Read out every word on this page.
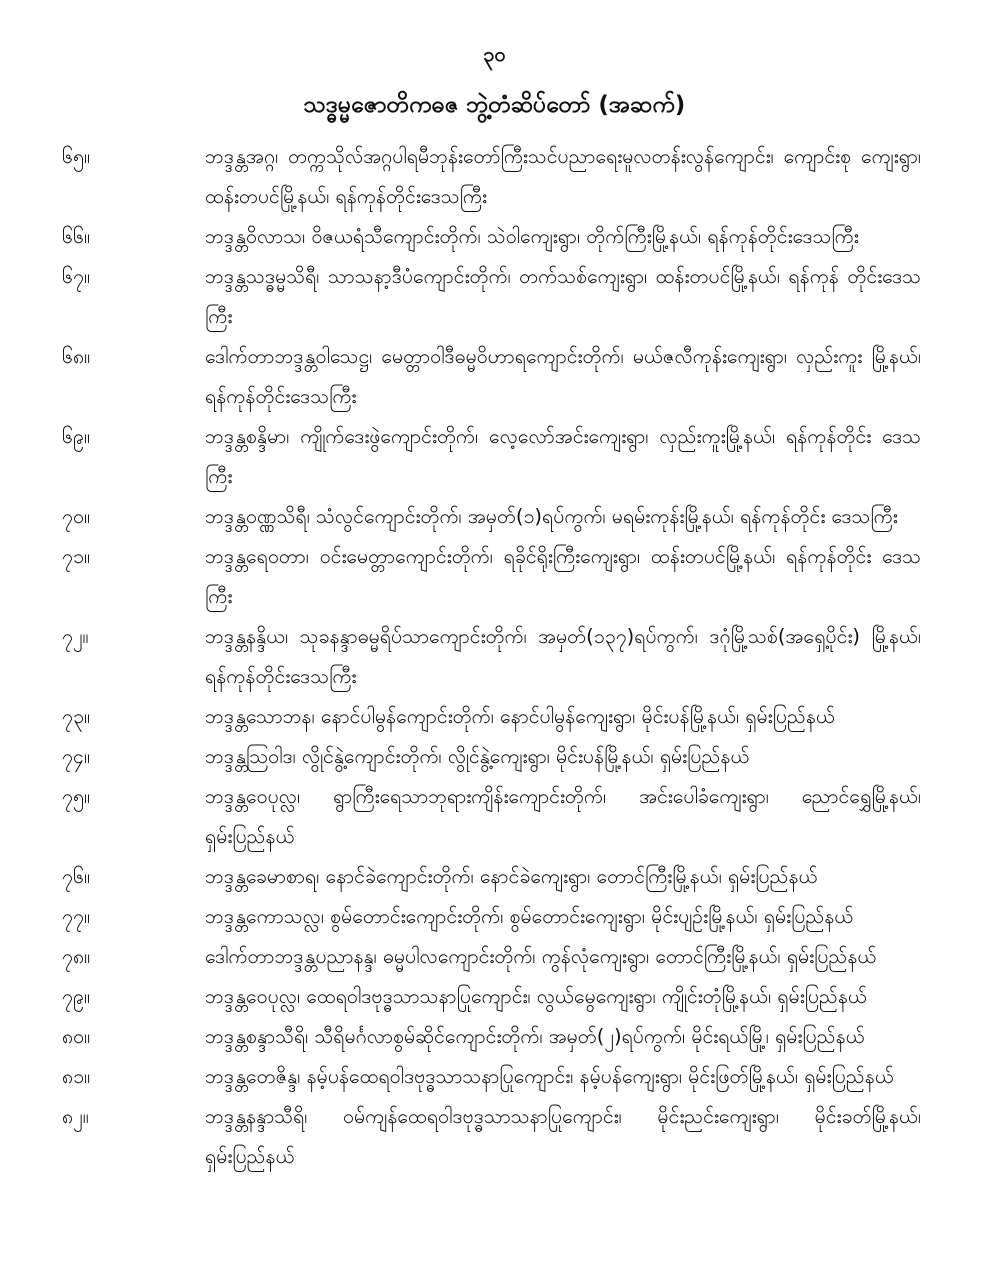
၃၀
သဒ္ဓမ္မဇောတိကဓဇ ဘွဲ့တံဆိပ်တော် (အဆက်)
၆၅။	ဘဒ္ဒန္တအဂ္ဂ၊ တက္ကသိုလ်အဂ္ဂပါရမီဘုန်းတော်ကြီးသင်ပညာရေးမူလတန်းလွန်ကျောင်း၊ ကျောင်းစု ကျေးရွာ၊ ထန်းတပင်မြို့နယ်၊ ရန်ကုန်တိုင်းဒေသကြီး
၆၆။	ဘဒ္ဒန္တဝိလာသ၊ ဝိဇယရံသီကျောင်းတိုက်၊ သဲဝါကျေးရွာ၊ တိုက်ကြီးမြို့နယ်၊ ရန်ကုန်တိုင်းဒေသကြီး
၆၇။	ဘဒ္ဒန္တသဒ္ဓမ္မသိရီ၊ သာသနာ့ဒီပံကျောင်းတိုက်၊ တက်သစ်ကျေးရွာ၊ ထန်းတပင်မြို့နယ်၊ ရန်ကုန် တိုင်းဒေသကြီး
၆၈။	ဒေါက်တာဘဒ္ဒန္တဝါသေဋ္ဌ၊ မေတ္တာဝါဒီဓမ္မဝိဟာရကျောင်းတိုက်၊ မယ်ဇလီကုန်းကျေးရွာ၊ လှည်းကူး မြို့နယ်၊ ရန်ကုန်တိုင်းဒေသကြီး
၆၉။	ဘဒ္ဒန္တစန္ဒိမာ၊ ကျိုက်ဒေးဖွဲကျောင်းတိုက်၊ လေ့လော်အင်းကျေးရွာ၊ လှည်းကူးမြို့နယ်၊ ရန်ကုန်တိုင်း ဒေသကြီး
၇၀။	ဘဒ္ဒန္တဝဏ္ဏသိရီ၊ သံလွင်ကျောင်းတိုက်၊ အမှတ်(၁)ရပ်ကွက်၊ မရမ်းကုန်းမြို့နယ်၊ ရန်ကုန်တိုင်း ဒေသကြီး
၇၁။	ဘဒ္ဒန္တရေဝတာ၊ ဝင်းမေတ္တာကျောင်းတိုက်၊ ရခိုင်ရိုးကြီးကျေးရွာ၊ ထန်းတပင်မြို့နယ်၊ ရန်ကုန်တိုင်း ဒေသကြီး
၇၂။	ဘဒ္ဒန္တနန္ဒိယ၊ သုခနန္ဒာဓမ္မရိပ်သာကျောင်းတိုက်၊ အမှတ်(၁၃၇)ရပ်ကွက်၊ ဒဂုံမြို့သစ်(အရှေ့ပိုင်း) မြို့နယ်၊ ရန်ကုန်တိုင်းဒေသကြီး
၇၃။	ဘဒ္ဒန္တသောဘန၊ နောင်ပါမွန်ကျောင်းတိုက်၊ နောင်ပါမွန်ကျေးရွာ၊ မိုင်းပန်မြို့နယ်၊ ရှမ်းပြည်နယ်
၇၄။	ဘဒ္ဒန္တဩဝါဒ၊ လွိုင်နွဲ့ကျောင်းတိုက်၊ လွိုင်နွဲ့ကျေးရွာ၊ မိုင်းပန်မြို့နယ်၊ ရှမ်းပြည်နယ်
၇၅။	ဘဒ္ဒန္တဝေပုလ္လ၊ ရွာကြီးရေသာဘုရားကျိန်းကျောင်းတိုက်၊ အင်းပေါခံကျေးရွာ၊ ညောင်ရွှေမြို့နယ်၊ ရှမ်းပြည်နယ်
၇၆။	ဘဒ္ဒန္တခေမာစာရ၊ နောင်ခဲကျောင်းတိုက်၊ နောင်ခဲကျေးရွာ၊ တောင်ကြီးမြို့နယ်၊ ရှမ်းပြည်နယ်
၇၇။	ဘဒ္ဒန္တကောသလ္လ၊ စွမ်တောင်းကျောင်းတိုက်၊ စွမ်တောင်းကျေးရွာ၊ မိုင်းပျဉ်းမြို့နယ်၊ ရှမ်းပြည်နယ်
၇၈။	ဒေါက်တာဘဒ္ဒန္တပညာနန္ဒ၊ ဓမ္မပါလကျောင်းတိုက်၊ ကွန်လုံကျေးရွာ၊ တောင်ကြီးမြို့နယ်၊ ရှမ်းပြည်နယ်
၇၉။	ဘဒ္ဒန္တဝေပုလ္လ၊ ထေရဝါဒဗုဒ္ဓသာသနာပြုကျောင်း၊ လွယ်မွေကျေးရွာ၊ ကျိုင်းတုံမြို့နယ်၊ ရှမ်းပြည်နယ်
၈၀။	ဘဒ္ဒန္တစန္ဒာသီရိ၊ သီရိမင်္ဂလာစွမ်ဆိုင်ကျောင်းတိုက်၊ အမှတ်(၂)ရပ်ကွက်၊ မိုင်းရယ်မြို့၊ ရှမ်းပြည်နယ်
၈၁။	ဘဒ္ဒန္တတေဇိန္ဒ၊ နမ့်ပန်ထေရဝါဒဗုဒ္ဓသာသနာပြုကျောင်း၊ နမ့်ပန်ကျေးရွာ၊ မိုင်းဖြတ်မြို့နယ်၊ ရှမ်းပြည်နယ်
၈၂။	ဘဒ္ဒန္တနန္ဒာသီရိ၊ ဝမ်ကျန်ထေရဝါဒဗုဒ္ဓသာသနာပြုကျောင်း၊ မိုင်းညင်းကျေးရွာ၊ မိုင်းခတ်မြို့နယ်၊ ရှမ်းပြည်နယ်
